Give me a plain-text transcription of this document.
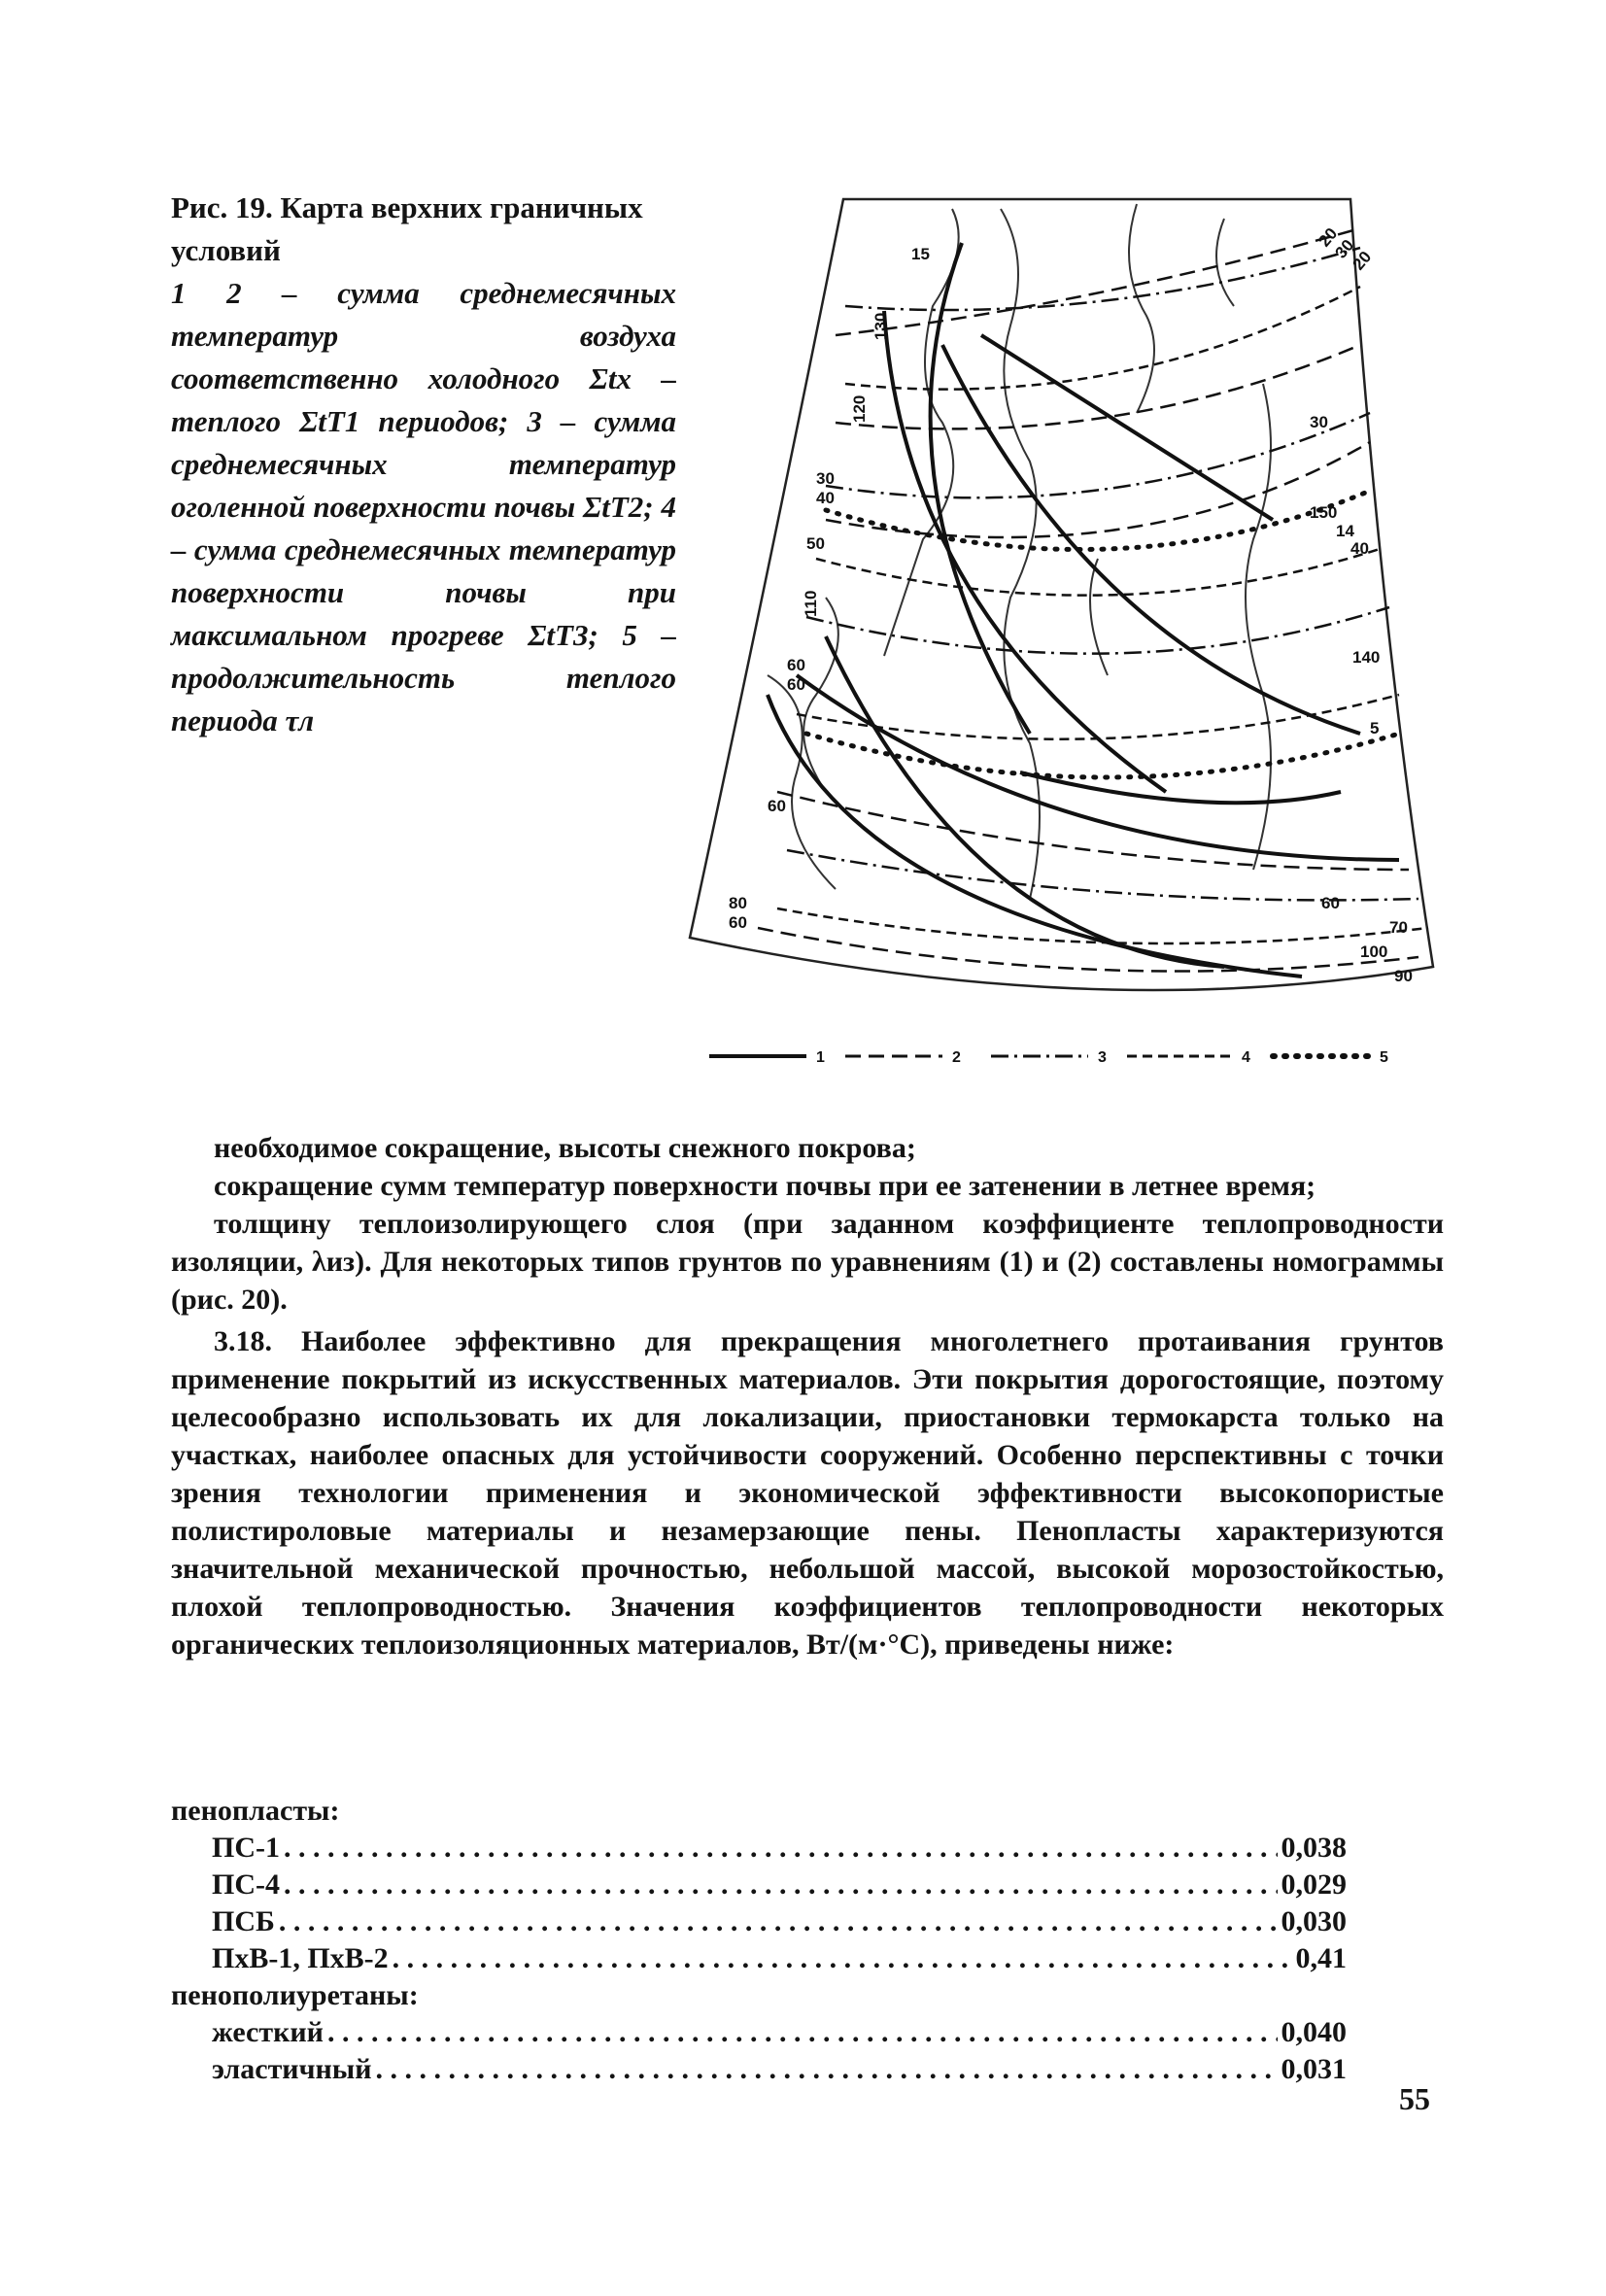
Рис. 19. Карта верхних граничных условий
1 2 – сумма среднемесячных температур воздуха соответственно холодного Σtх – теплого ΣtТ1 периодов; 3 – сумма среднемесячных температур оголенной поверхности почвы ΣtТ2; 4 – сумма среднемесячных температур поверхности почвы при максимальном прогреве ΣtТ3; 5 – продолжительность теплого периода τл
15
130
120
110
30
40
50
60
60
60
80
60
20
30
20
30
150
14
40
140
5
60
70
100
90
1	2	3	4	5

необходимое сокращение, высоты снежного покрова;

сокращение сумм температур поверхности почвы при ее затенении в летнее время;

толщину теплоизолирующего слоя (при заданном коэффициенте теплопроводности изоляции, λиз). Для некоторых типов грунтов по уравнениям (1) и (2) составлены номограммы (рис. 20).

3.18. Наиболее эффективно для прекращения многолетнего протаивания грунтов применение покрытий из искусственных материалов. Эти покрытия дорогостоящие, поэтому целесообразно использовать их для локализации, приостановки термокарста только на участках, наиболее опасных для устойчивости сооружений. Особенно перспективны с точки зрения технологии применения и экономической эффективности высокопористые полистироловые материалы и незамерзающие пены. Пенопласты характеризуются значительной механической прочностью, небольшой массой, высокой морозостойкостью, плохой теплопроводностью. Значения коэффициентов теплопроводности некоторых органических теплоизоляционных материалов, Вт/(м·°С), приведены ниже:

пенопласты:

ПС-1 . . .	0,038
ПС-4 . . .	0,029
ПСБ . . .	0,030
ПхВ-1, ПхВ-2 . . .	0,41

пенополиуретаны:

жесткий . . .	0,040
эластичный . . .	0,031
55
